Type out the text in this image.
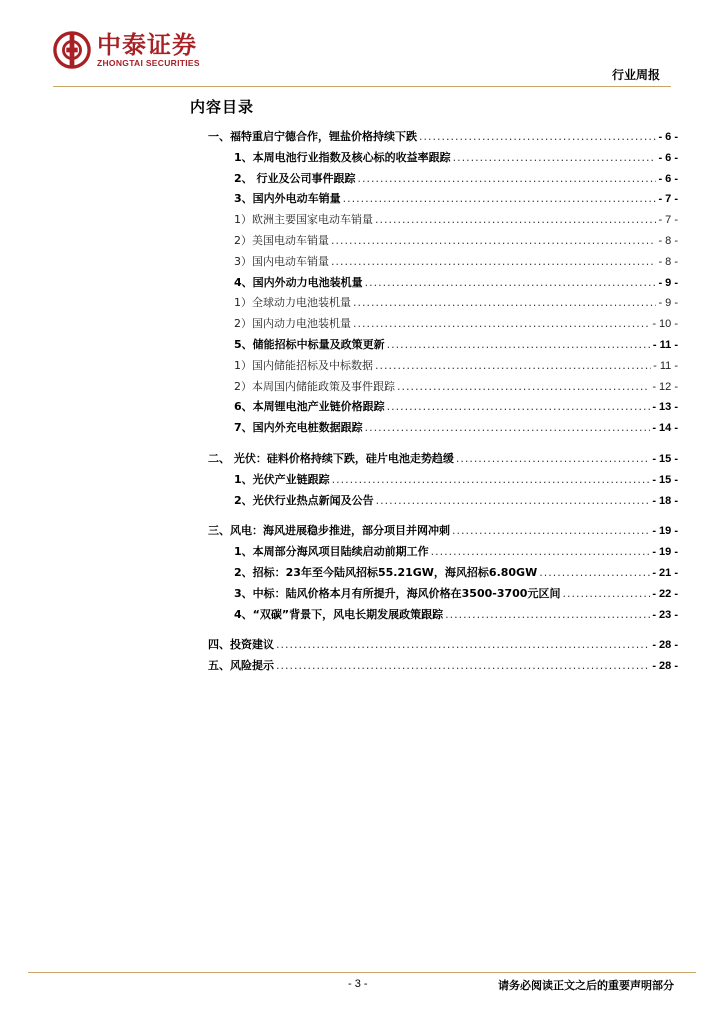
中泰证券
ZHONGTAI SECURITIES
行业周报
内容目录
一、福特重启宁德合作，锂盐价格持续下跌 .....	- 6 -
1、本周电池行业指数及核心标的收益率跟踪 .....	- 6 -
2、 行业及公司事件跟踪 .....	- 6 -
3、国内外电动车销量 .....	- 7 -
1）欧洲主要国家电动车销量 .....	- 7 -
2）美国电动车销量 .....	- 8 -
3）国内电动车销量 .....	- 8 -
4、国内外动力电池装机量 .....	- 9 -
1）全球动力电池装机量 .....	- 9 -
2）国内动力电池装机量 .....	- 10 -
5、储能招标中标量及政策更新 .....	- 11 -
1）国内储能招标及中标数据 .....	- 11 -
2）本周国内储能政策及事件跟踪 .....	- 12 -
6、本周锂电池产业链价格跟踪 .....	- 13 -
7、国内外充电桩数据跟踪 .....	- 14 -
二、 光伏：硅料价格持续下跌，硅片电池走势趋缓 .....	- 15 -
1、光伏产业链跟踪 .....	- 15 -
2、光伏行业热点新闻及公告 .....	- 18 -
三、风电：海风进展稳步推进，部分项目并网冲刺 .....	- 19 -
1、本周部分海风项目陆续启动前期工作 .....	- 19 -
2、招标：23年至今陆风招标55.21GW，海风招标6.80GW .....	- 21 -
3、中标：陆风价格本月有所提升，海风价格在3500-3700元区间 .....	- 22 -
4、“双碳”背景下，风电长期发展政策跟踪 .....	- 23 -
四、投资建议 .....	- 28 -
五、风险提示 .....	- 28 -
- 3 -	请务必阅读正文之后的重要声明部分
